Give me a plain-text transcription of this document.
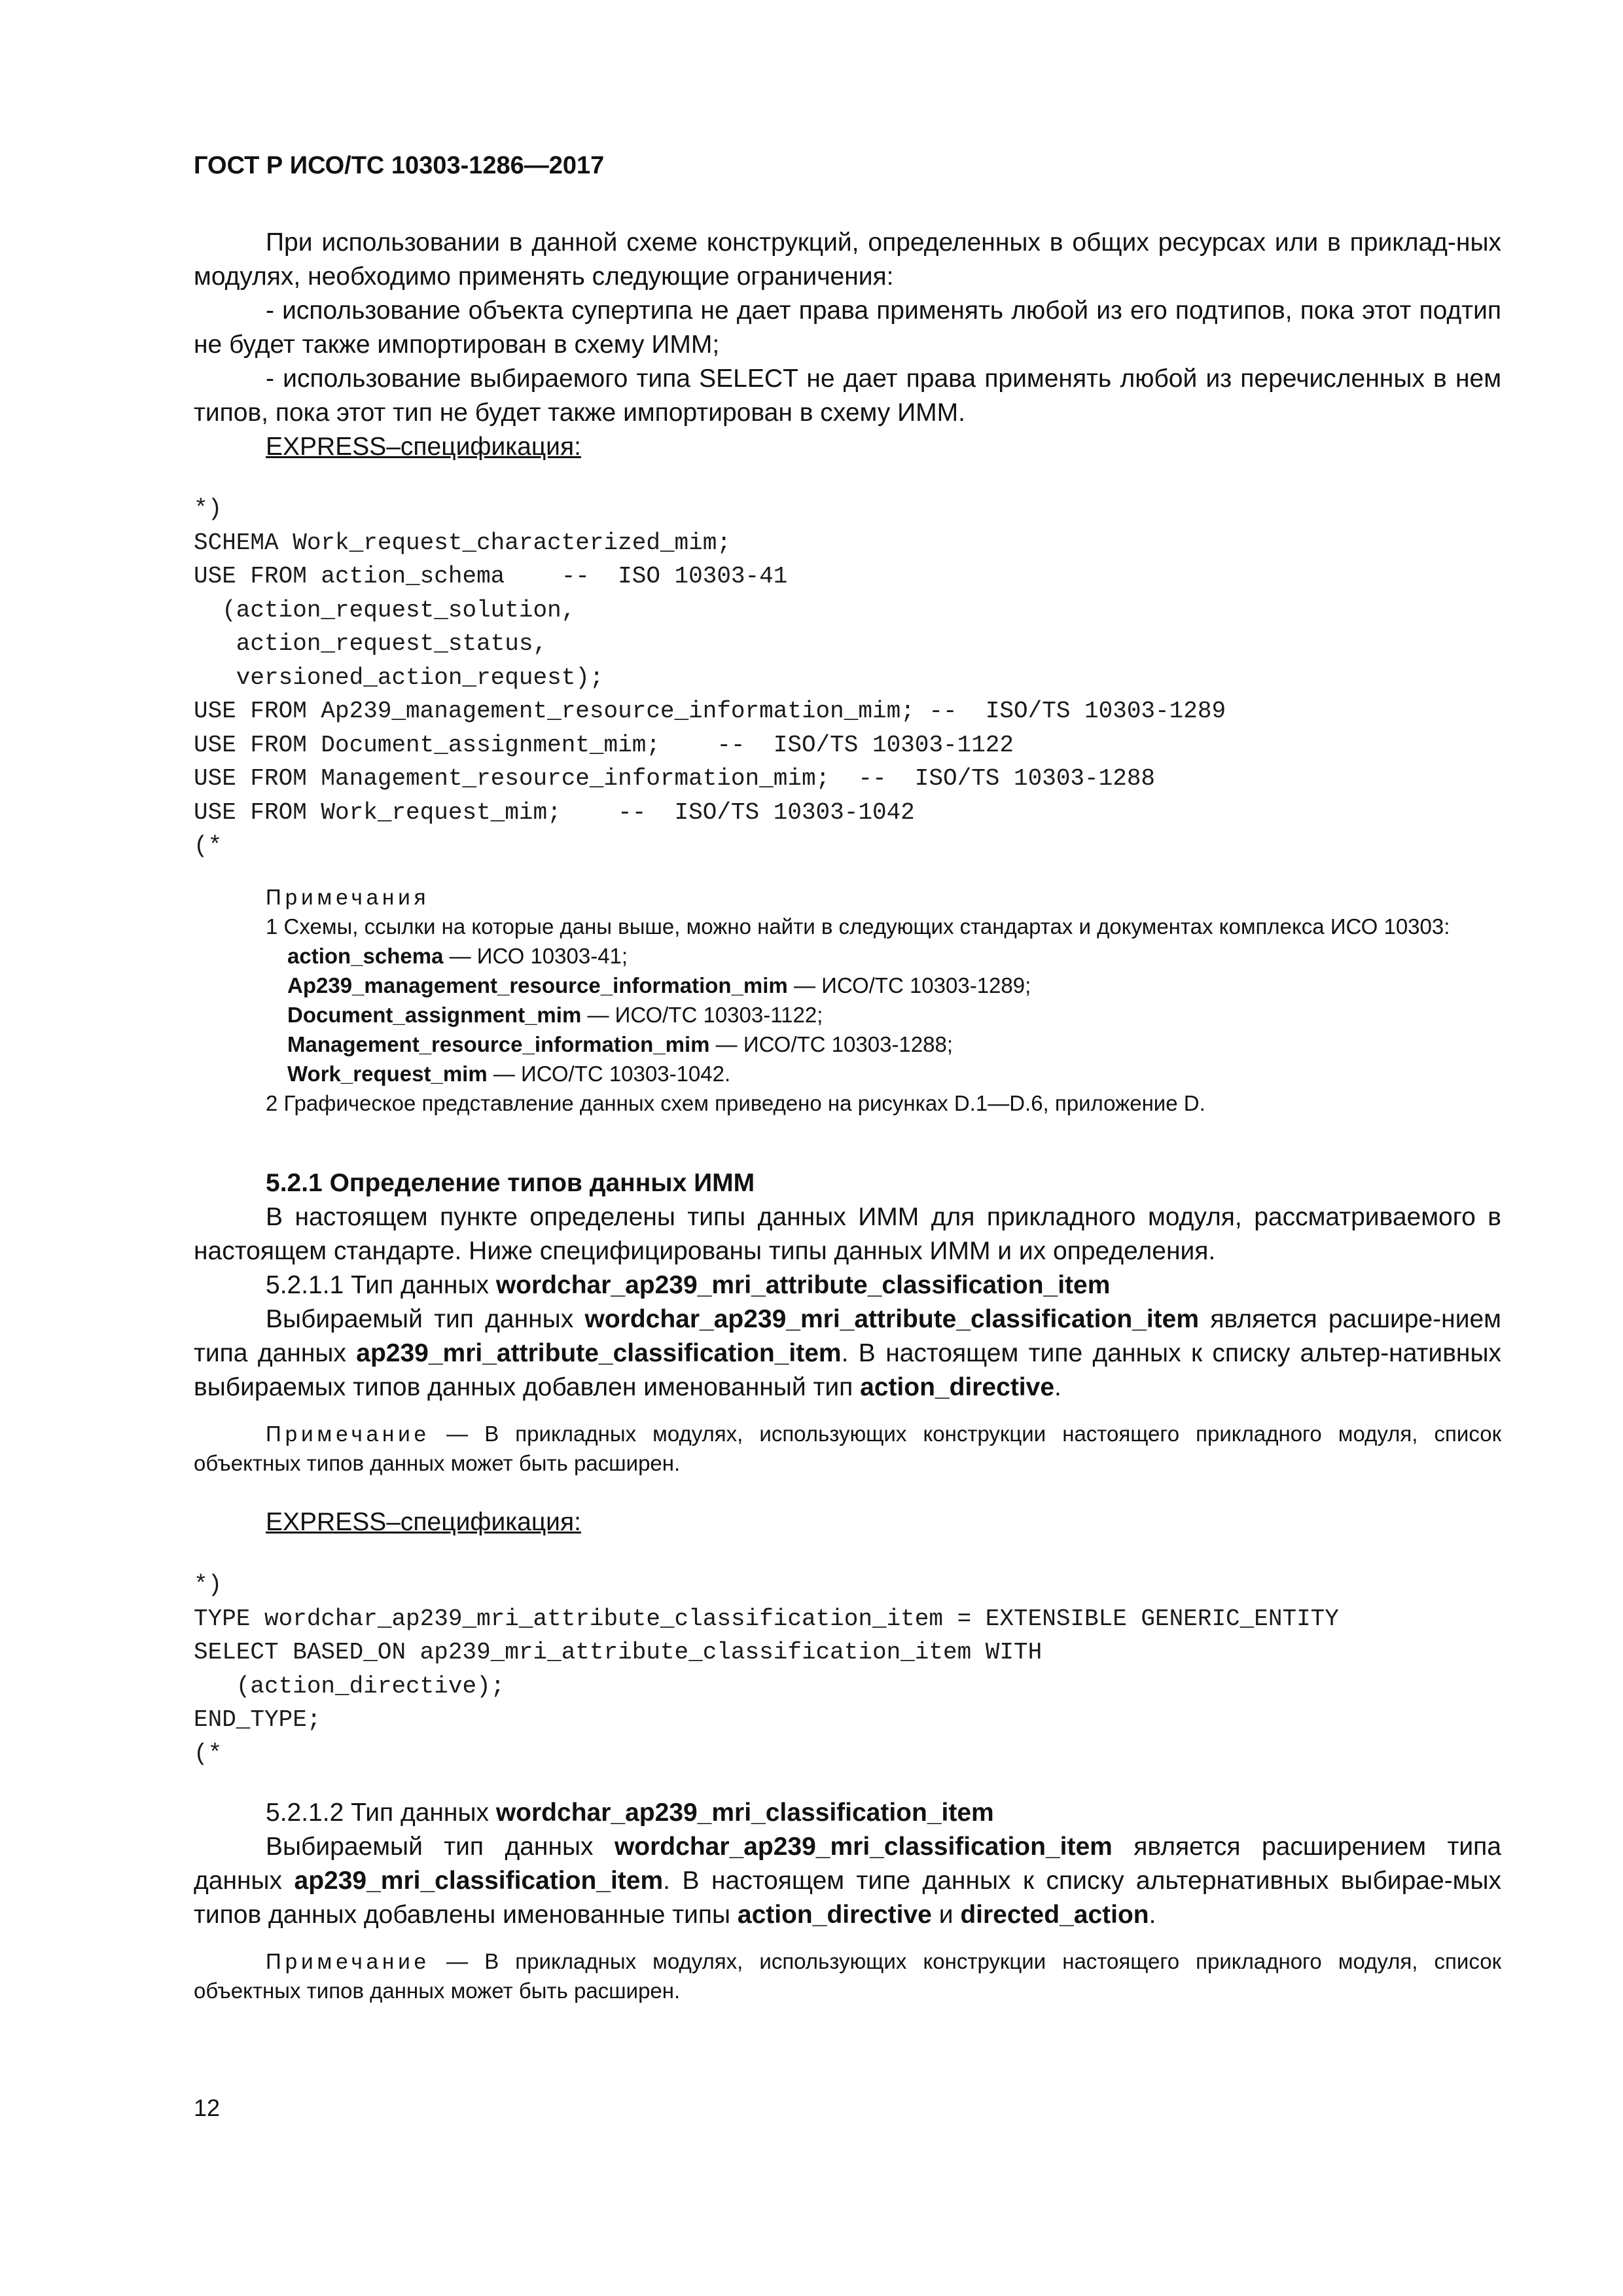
ГОСТ Р ИСО/ТС 10303-1286—2017
При использовании в данной схеме конструкций, определенных в общих ресурсах или в приклад-ных модулях, необходимо применять следующие ограничения:
- использование объекта супертипа не дает права применять любой из его подтипов, пока этот подтип не будет также импортирован в схему ИММ;
- использование выбираемого типа SELECT не дает права применять любой из перечисленных в нем типов, пока этот тип не будет также импортирован в схему ИММ.
EXPRESS–спецификация:
*)
SCHEMA Work_request_characterized_mim;
USE FROM action_schema    --  ISO 10303-41
(action_request_solution,
action_request_status,
versioned_action_request);
USE FROM Ap239_management_resource_information_mim; --  ISO/TS 10303-1289
USE FROM Document_assignment_mim;    --  ISO/TS 10303-1122
USE FROM Management_resource_information_mim;  --  ISO/TS 10303-1288
USE FROM Work_request_mim;    --  ISO/TS 10303-1042
(*
Примечания
1 Схемы, ссылки на которые даны выше, можно найти в следующих стандартах и документах комплекса ИСО 10303:
action_schema — ИСО 10303-41;
Ap239_management_resource_information_mim — ИСО/ТС 10303-1289;
Document_assignment_mim — ИСО/ТС 10303-1122;
Management_resource_information_mim — ИСО/ТС 10303-1288;
Work_request_mim — ИСО/ТС 10303-1042.
2 Графическое представление данных схем приведено на рисунках D.1—D.6, приложение D.
5.2.1 Определение типов данных ИММ
В настоящем пункте определены типы данных ИММ для прикладного модуля, рассматриваемого в настоящем стандарте. Ниже специфицированы типы данных ИММ и их определения.
5.2.1.1 Тип данных wordchar_ap239_mri_attribute_classification_item
Выбираемый тип данных wordchar_ap239_mri_attribute_classification_item является расшире-нием типа данных ap239_mri_attribute_classification_item. В настоящем типе данных к списку альтер-нативных выбираемых типов данных добавлен именованный тип action_directive.
Примечание — В прикладных модулях, использующих конструкции настоящего прикладного модуля, список объектных типов данных может быть расширен.
EXPRESS–спецификация:
*)
TYPE wordchar_ap239_mri_attribute_classification_item = EXTENSIBLE GENERIC_ENTITY
SELECT BASED_ON ap239_mri_attribute_classification_item WITH
(action_directive);
END_TYPE;
(*
5.2.1.2 Тип данных wordchar_ap239_mri_classification_item
Выбираемый тип данных wordchar_ap239_mri_classification_item является расширением типа данных ap239_mri_classification_item. В настоящем типе данных к списку альтернативных выбирае-мых типов данных добавлены именованные типы action_directive и directed_action.
Примечание — В прикладных модулях, использующих конструкции настоящего прикладного модуля, список объектных типов данных может быть расширен.
12
